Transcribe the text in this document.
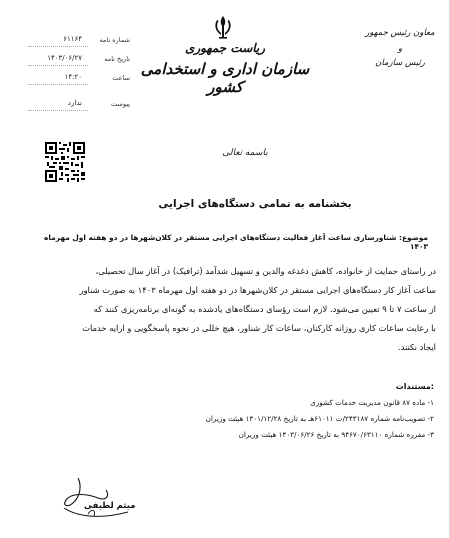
۶۱۱۶۴	شماره نامه
۱۴۰۳/۰۶/۲۷	تاریخ نامه
۱۴:۲۰	ساعت
ندارد	پیوست
ریاست جمهوری
سازمان اداری و استخدامی کشور
معاون رئیس جمهور
و
رئیس سازمان
باسمه تعالی
بخشنامه به تمامی دستگاه‌های اجرایی
موضوع: شناورسازی ساعت آغاز فعالیت دستگاه‌های اجرایی مستقر در کلان‌شهرها در دو هفته اول مهرماه ۱۴۰۳
در راستای حمایت از خانواده، کاهش دغدغه والدین و تسهیل شدآمد (ترافیک) در آغاز سال تحصیلی،
ساعت آغاز کار دستگاه‌های اجرایی مستقر در کلان‌شهرها در دو هفته اول مهرماه ۱۴۰۳ به صورت شناور
از ساعت ۷ تا ۹ تعیین می‌شود. لازم است رؤسای دستگاه‌های یادشده به گونه‌ای برنامه‌ریزی کنند که
با رعایت ساعات کاری روزانه کارکنان، ساعات کار شناور، هیچ خللی در نحوه پاسخگویی و ارایه خدمات
ایجاد نکنند.
مستندات:
۱- ماده ۸۷ قانون مدیریت خدمات کشوری
۲- تصویب‌نامه شماره ۲۴۳۱۸۷/ت ۶۱۰۱۱هـ به تاریخ ۱۴۰۱/۱۲/۲۸ هیئت وزیران
۳- مقرره شماره ۹۴۶۷۰/۶۳۱۱۰ به تاریخ ۱۴۰۳/۰۶/۲۶ هیئت وزیران
میثم لطیفی
